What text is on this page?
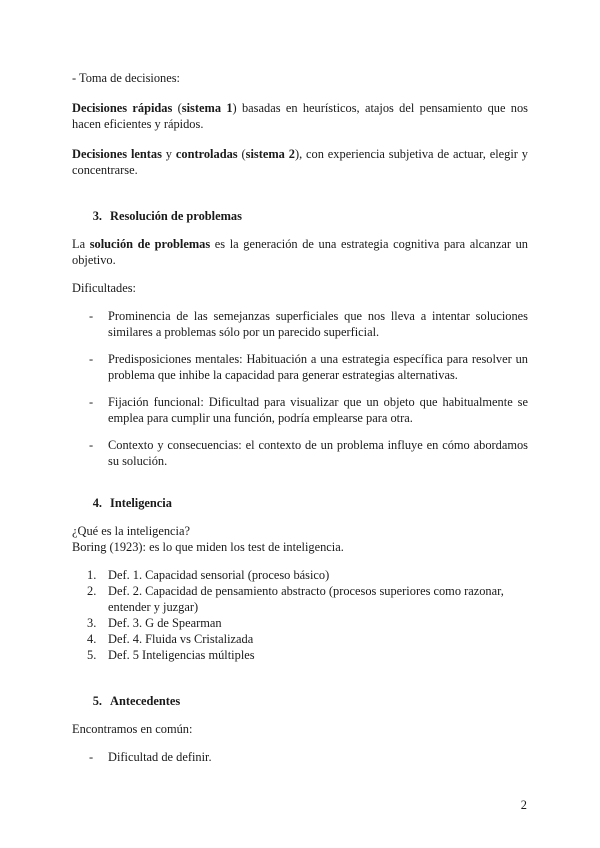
- Toma de decisiones:

Decisiones rápidas (sistema 1) basadas en heurísticos, atajos del pensamiento que nos hacen eficientes y rápidos.

Decisiones lentas y controladas (sistema 2), con experiencia subjetiva de actuar, elegir y concentrarse.

3. Resolución de problemas

La solución de problemas es la generación de una estrategia cognitiva para alcanzar un objetivo.

Dificultades:

- Prominencia de las semejanzas superficiales que nos lleva a intentar soluciones similares a problemas sólo por un parecido superficial.
- Predisposiciones mentales: Habituación a una estrategia específica para resolver un problema que inhibe la capacidad para generar estrategias alternativas.
- Fijación funcional: Dificultad para visualizar que un objeto que habitualmente se emplea para cumplir una función, podría emplearse para otra.
- Contexto y consecuencias: el contexto de un problema influye en cómo abordamos su solución.

4. Inteligencia

¿Qué es la inteligencia?

Boring (1923): es lo que miden los test de inteligencia.

1. Def. 1. Capacidad sensorial (proceso básico)
2. Def. 2. Capacidad de pensamiento abstracto (procesos superiores como razonar, entender y juzgar)
3. Def. 3. G de Spearman
4. Def. 4. Fluida vs Cristalizada
5. Def. 5 Inteligencias múltiples

5. Antecedentes

Encontramos en común:

- Dificultad de definir.
2
